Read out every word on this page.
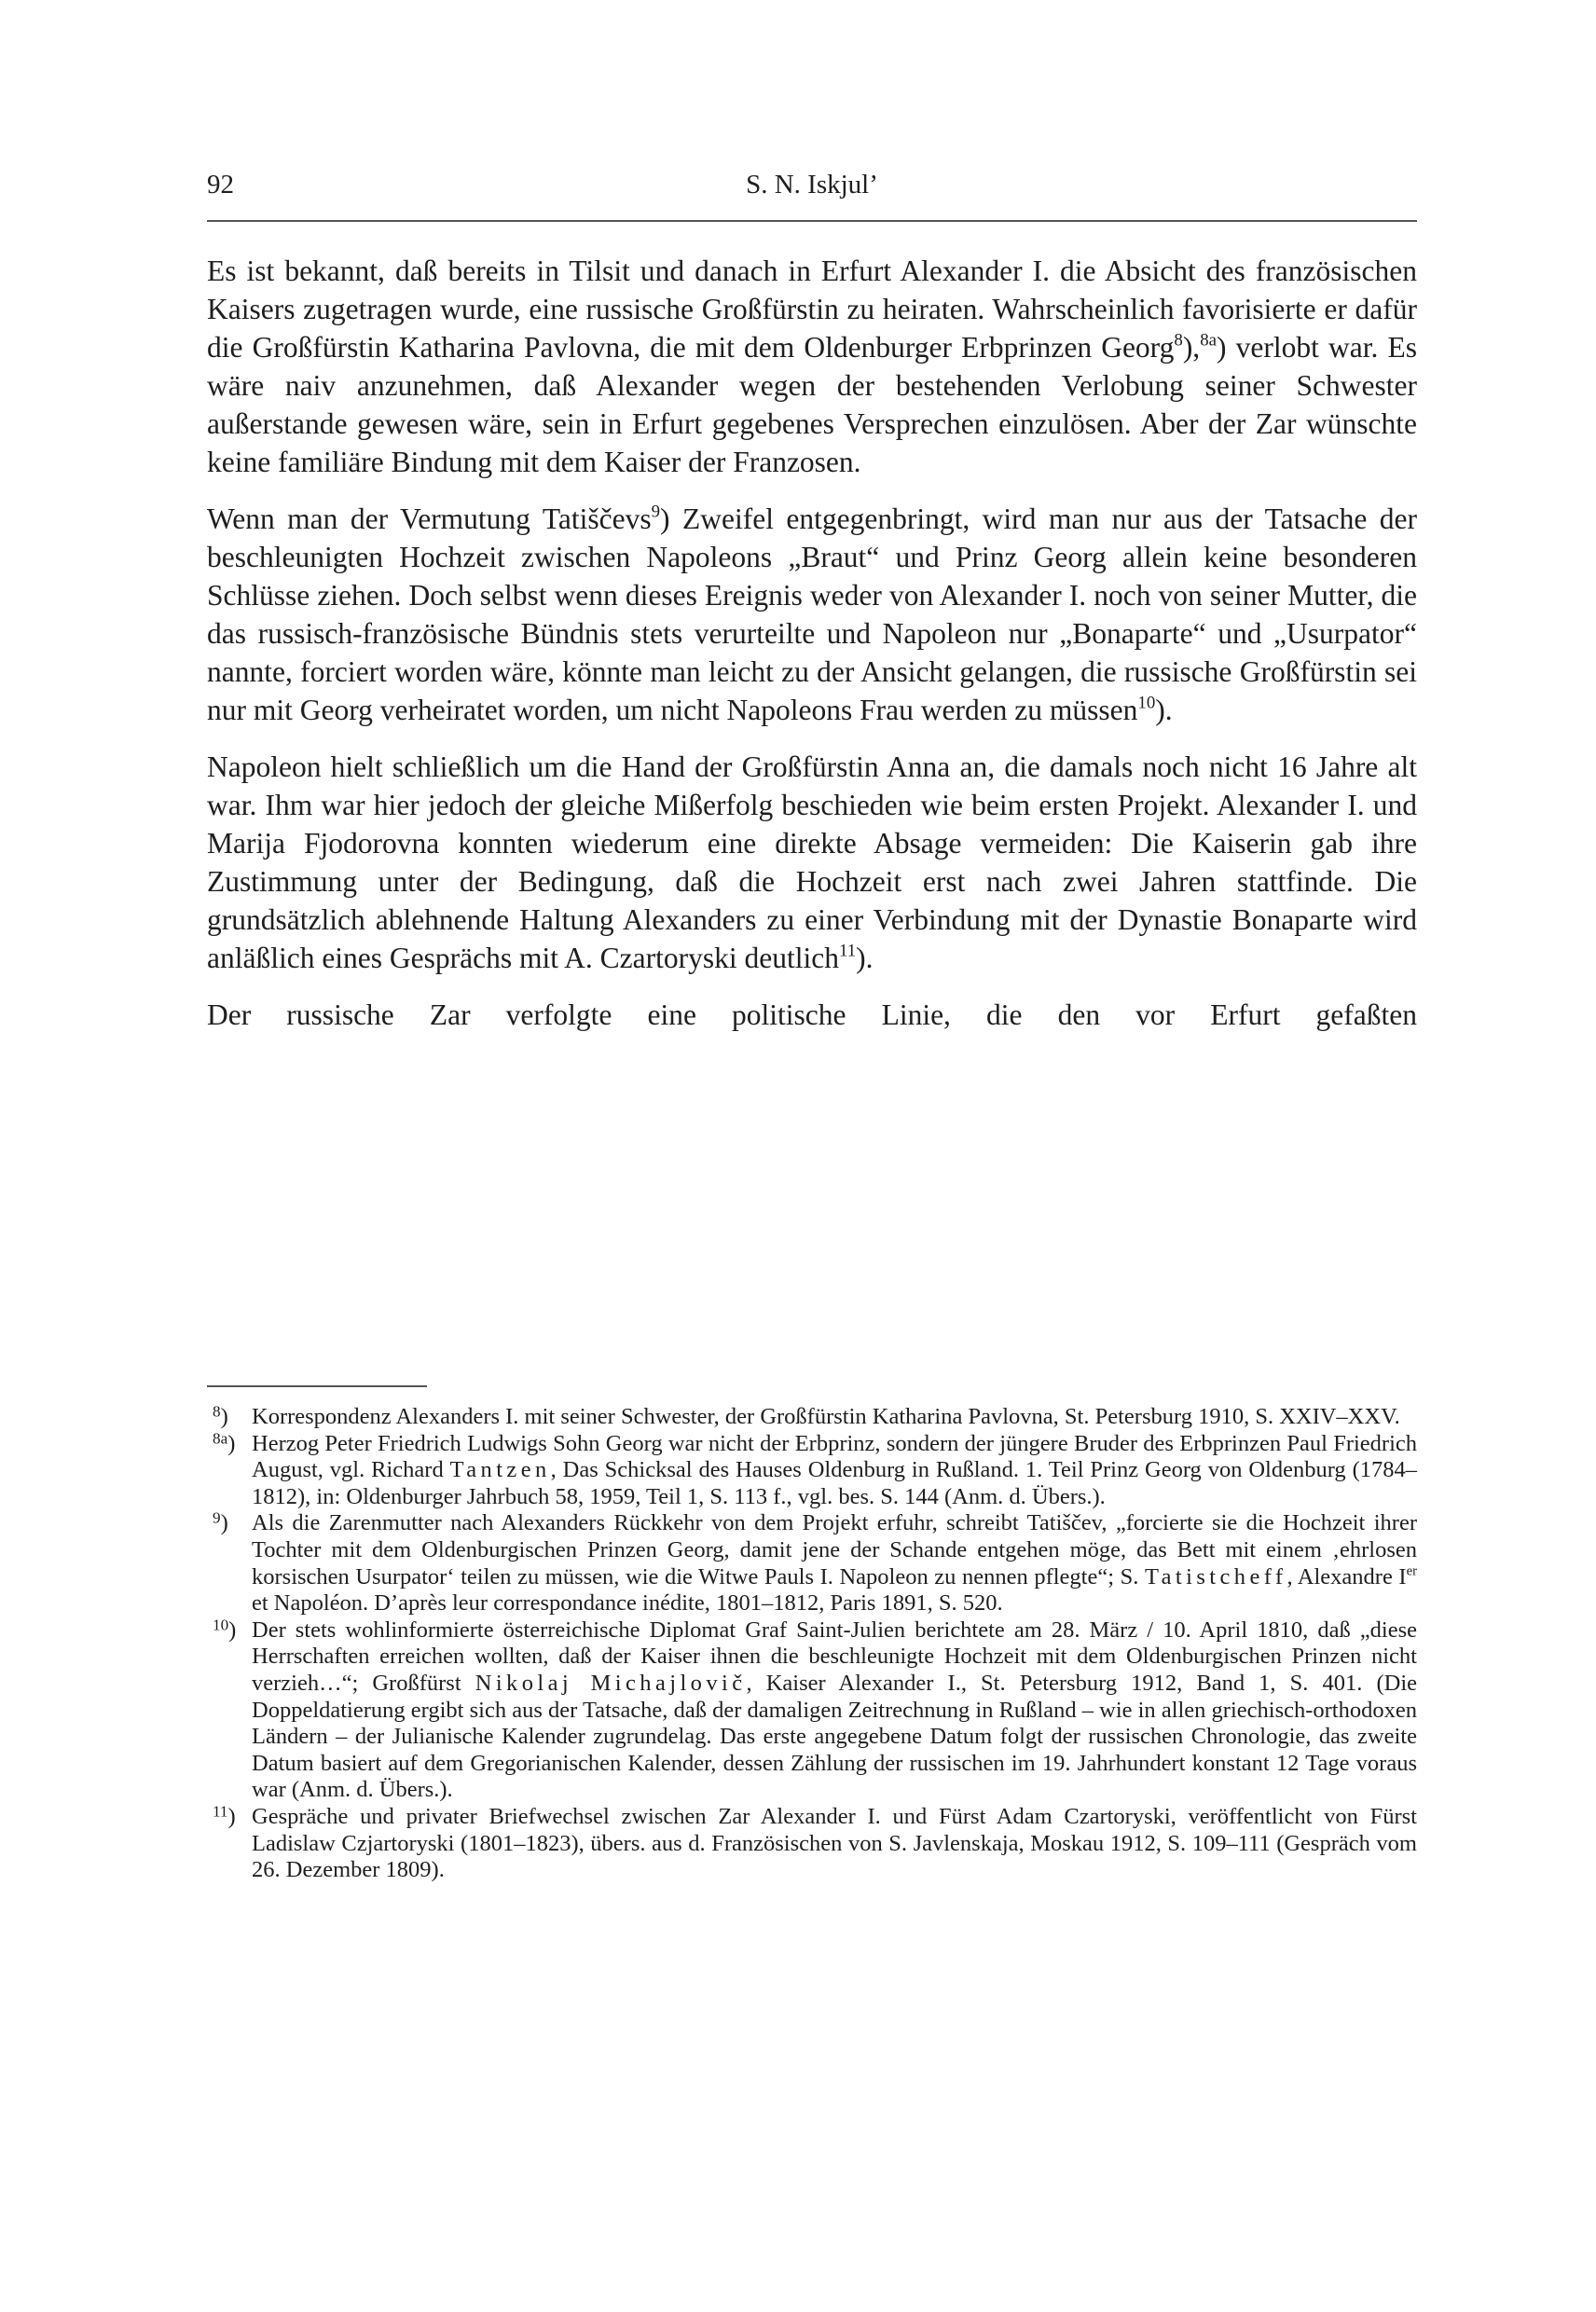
92	S. N. Iskjul’

Es ist bekannt, daß bereits in Tilsit und danach in Erfurt Alexander I. die Absicht des französischen Kaisers zugetragen wurde, eine russische Großfürstin zu heiraten. Wahrscheinlich favorisierte er dafür die Großfürstin Katharina Pavlovna, die mit dem Oldenburger Erbprinzen Georg$^8$),$^{8a}$) verlobt war. Es wäre naiv anzunehmen, daß Alexander wegen der bestehenden Verlobung seiner Schwester außerstande gewesen wäre, sein in Erfurt gegebenes Versprechen einzulösen. Aber der Zar wünschte keine familiäre Bindung mit dem Kaiser der Franzosen.

Wenn man der Vermutung Tatiščevs$^9$) Zweifel entgegenbringt, wird man nur aus der Tatsache der beschleunigten Hochzeit zwischen Napoleons „Braut“ und Prinz Georg allein keine besonderen Schlüsse ziehen. Doch selbst wenn dieses Ereignis weder von Alexander I. noch von seiner Mutter, die das russisch-französische Bündnis stets verurteilte und Napoleon nur „Bonaparte“ und „Usurpator“ nannte, forciert worden wäre, könnte man leicht zu der Ansicht gelangen, die russische Großfürstin sei nur mit Georg verheiratet worden, um nicht Napoleons Frau werden zu müssen$^{10}$).

Napoleon hielt schließlich um die Hand der Großfürstin Anna an, die damals noch nicht 16 Jahre alt war. Ihm war hier jedoch der gleiche Mißerfolg beschieden wie beim ersten Projekt. Alexander I. und Marija Fjodorovna konnten wiederum eine direkte Absage vermeiden: Die Kaiserin gab ihre Zustimmung unter der Bedingung, daß die Hochzeit erst nach zwei Jahren stattfinde. Die grundsätzlich ablehnende Haltung Alexanders zu einer Verbindung mit der Dynastie Bonaparte wird anläßlich eines Gesprächs mit A. Czartoryski deutlich$^{11}$).

Der russische Zar verfolgte eine politische Linie, die den vor Erfurt gefaßten

$^8$) Korrespondenz Alexanders I. mit seiner Schwester, der Großfürstin Katharina Pavlovna, St. Petersburg 1910, S. XXIV–XXV.
$^{8a}$) Herzog Peter Friedrich Ludwigs Sohn Georg war nicht der Erbprinz, sondern der jüngere Bruder des Erbprinzen Paul Friedrich August, vgl. Richard Tantzen, Das Schicksal des Hauses Oldenburg in Rußland. 1. Teil Prinz Georg von Oldenburg (1784–1812), in: Oldenburger Jahrbuch 58, 1959, Teil 1, S. 113 f., vgl. bes. S. 144 (Anm. d. Übers.).
$^9$) Als die Zarenmutter nach Alexanders Rückkehr von dem Projekt erfuhr, schreibt Tatiščev, „forcierte sie die Hochzeit ihrer Tochter mit dem Oldenburgischen Prinzen Georg, damit jene der Schande entgehen möge, das Bett mit einem ‚ehrlosen korsischen Usurpator‘ teilen zu müssen, wie die Witwe Pauls I. Napoleon zu nennen pflegte“; S. Tatistcheff, Alexandre Ier et Napoléon. D’après leur correspondance inédite, 1801–1812, Paris 1891, S. 520.
$^{10}$) Der stets wohlinformierte österreichische Diplomat Graf Saint-Julien berichtete am 28. März / 10. April 1810, daß „diese Herrschaften erreichen wollten, daß der Kaiser ihnen die beschleunigte Hochzeit mit dem Oldenburgischen Prinzen nicht verzieh…“; Großfürst Nikolaj Michajlovič, Kaiser Alexander I., St. Petersburg 1912, Band 1, S. 401. (Die Doppeldatierung ergibt sich aus der Tatsache, daß der damaligen Zeitrechnung in Rußland – wie in allen griechisch-orthodoxen Ländern – der Julianische Kalender zugrundelag. Das erste angegebene Datum folgt der russischen Chronologie, das zweite Datum basiert auf dem Gregorianischen Kalender, dessen Zählung der russischen im 19. Jahrhundert konstant 12 Tage voraus war (Anm. d. Übers.).
$^{11}$) Gespräche und privater Briefwechsel zwischen Zar Alexander I. und Fürst Adam Czartoryski, veröffentlicht von Fürst Ladislaw Czjartoryski (1801–1823), übers. aus d. Französischen von S. Javlenskaja, Moskau 1912, S. 109–111 (Gespräch vom 26. Dezember 1809).
